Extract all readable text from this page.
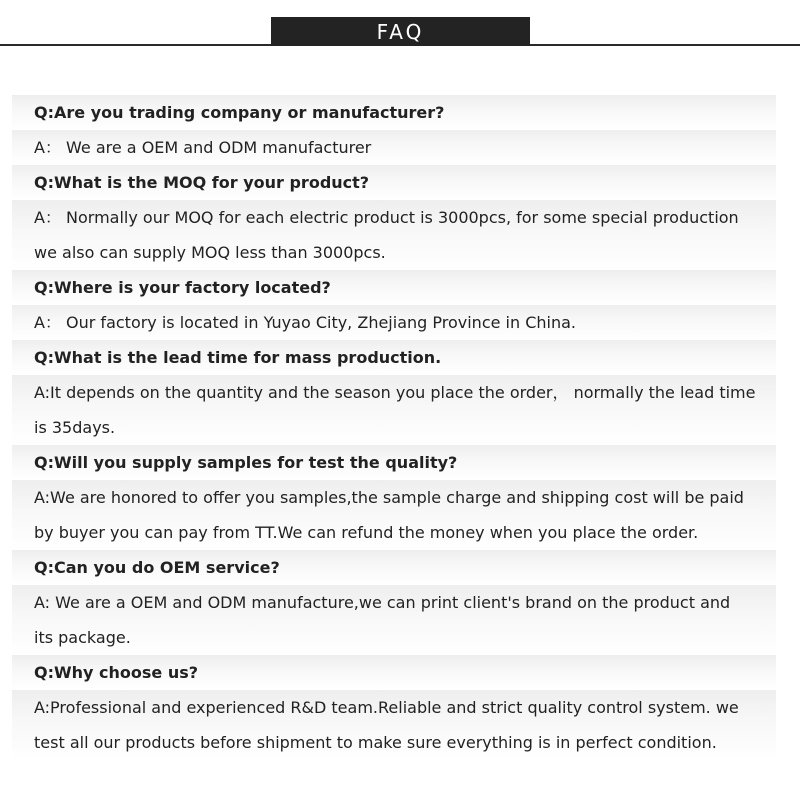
FAQ
Q:Are you trading company or manufacturer?
A： We are a OEM and ODM manufacturer
Q:What is the MOQ for your product?
A： Normally our MOQ for each electric product is 3000pcs, for some special production
we also can supply MOQ less than 3000pcs.
Q:Where is your factory located?
A： Our factory is located in Yuyao City, Zhejiang Province in China.
Q:What is the lead time for mass production.
A:It depends on the quantity and the season you place the order， normally the lead time
is 35days.
Q:Will you supply samples for test the quality?
A:We are honored to offer you samples,the sample charge and shipping cost will be paid
by buyer you can pay from TT.We can refund the money when you place the order.
Q:Can you do OEM service?
A: We are a OEM and ODM manufacture,we can print client's brand on the product and
its package.
Q:Why choose us?
A:Professional and experienced R&D team.Reliable and strict quality control system. we
test all our products before shipment to make sure everything is in perfect condition.
